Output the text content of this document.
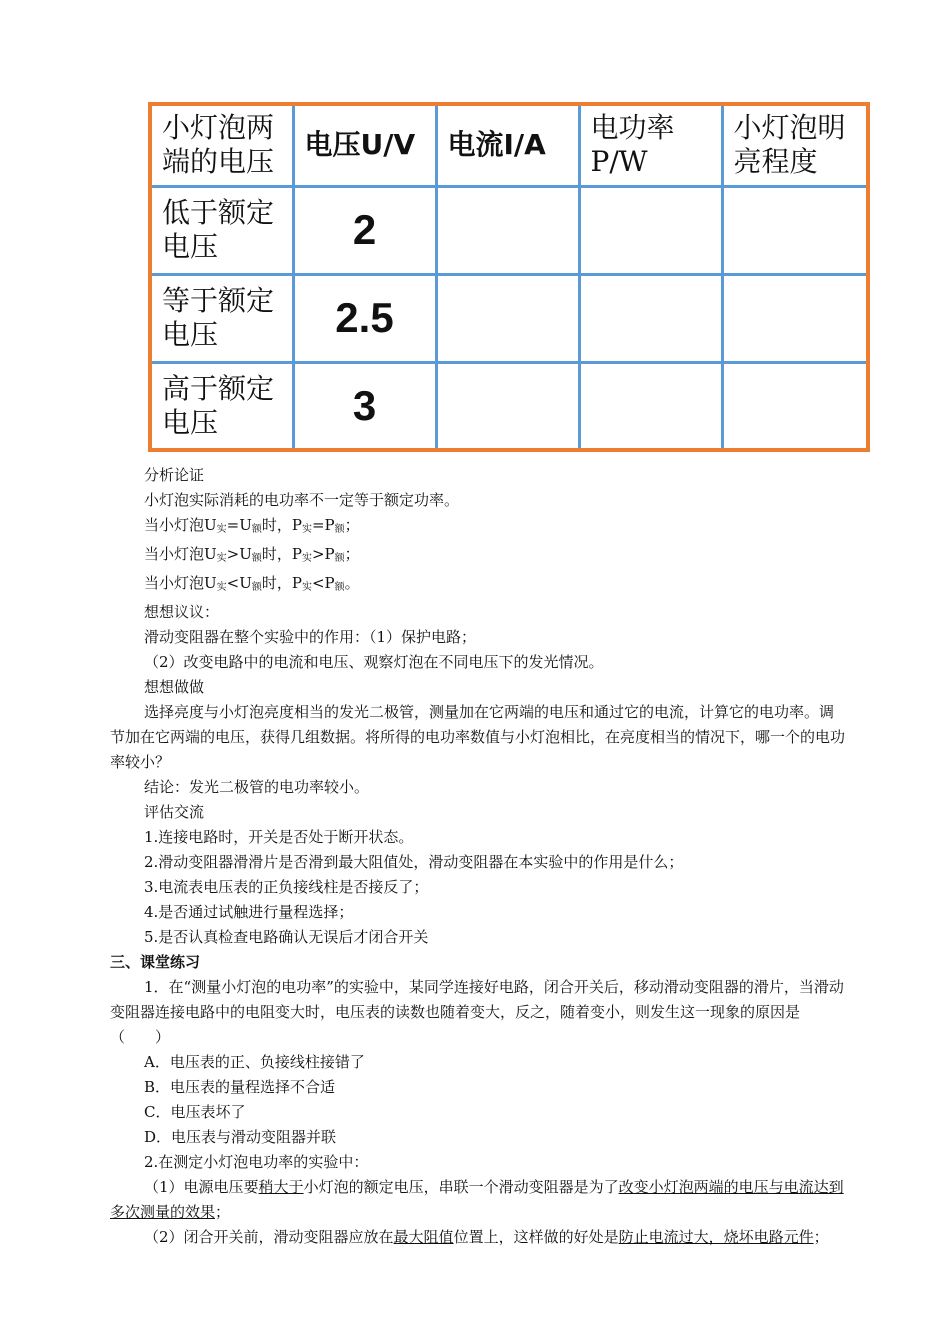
小灯泡两端的电压	电压U/V	电流I/A	电功率P/W	小灯泡明亮程度
低于额定电压	2			
等于额定电压	2.5			
高于额定电压	3			

分析论证

小灯泡实际消耗的电功率不一定等于额定功率。

当小灯泡$U_实=U_额$时，$P_实=P_额$；

当小灯泡$U_实>U_额$时，$P_实>P_额$；

当小灯泡$U_实<U_额$时，$P_实<P_额$。

想想议议：

滑动变阻器在整个实验中的作用：（1）保护电路；

（2）改变电路中的电流和电压、观察灯泡在不同电压下的发光情况。

想想做做

选择亮度与小灯泡亮度相当的发光二极管，测量加在它两端的电压和通过它的电流，计算它的电功率。调节加在它两端的电压，获得几组数据。将所得的电功率数值与小灯泡相比，在亮度相当的情况下，哪一个的电功率较小？

结论：发光二极管的电功率较小。

评估交流

1.连接电路时，开关是否处于断开状态。

2.滑动变阻器滑滑片是否滑到最大阻值处，滑动变阻器在本实验中的作用是什么；

3.电流表电压表的正负接线柱是否接反了；

4.是否通过试触进行量程选择；

5.是否认真检查电路确认无误后才闭合开关

三、课堂练习

1．在“测量小灯泡的电功率”的实验中，某同学连接好电路，闭合开关后，移动滑动变阻器的滑片，当滑动变阻器连接电路中的电阻变大时，电压表的读数也随着变大，反之，随着变小，则发生这一现象的原因是（　　）

A．电压表的正、负接线柱接错了

B．电压表的量程选择不合适

C．电压表坏了

D．电压表与滑动变阻器并联

2.在测定小灯泡电功率的实验中：

（1）电源电压要稍大于小灯泡的额定电压，串联一个滑动变阻器是为了改变小灯泡两端的电压与电流达到多次测量的效果；

（2）闭合开关前，滑动变阻器应放在最大阻值位置上，这样做的好处是防止电流过大，烧坏电路元件；
